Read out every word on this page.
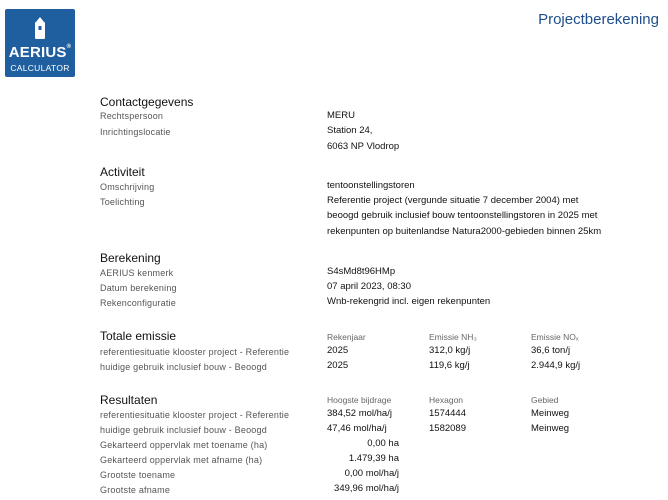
AERIUS®
CALCULATOR
Projectberekening
Contactgegevens
Rechtspersoon	MERU
Inrichtingslocatie	Station 24,
6063 NP Vlodrop
Activiteit
Omschrijving	tentoonstellingstoren
Toelichting	Referentie project (vergunde situatie 7 december 2004) met
beoogd gebruik inclusief bouw tentoonstellingstoren in 2025 met
rekenpunten op buitenlandse Natura2000-gebieden binnen 25km
Berekening
AERIUS kenmerk	S4sMd8t96HMp
Datum berekening	07 april 2023, 08:30
Rekenconfiguratie	Wnb-rekengrid incl. eigen rekenpunten
Totale emissie	Rekenjaar	Emissie NH₃	Emissie NOₓ
referentiesituatie klooster project - Referentie	2025	312,0 kg/j	36,6 ton/j
huidige gebruik inclusief bouw - Beoogd	2025	119,6 kg/j	2.944,9 kg/j
Resultaten	Hoogste bijdrage	Hexagon	Gebied
referentiesituatie klooster project - Referentie	384,52 mol/ha/j	1574444	Meinweg
huidige gebruik inclusief bouw - Beoogd	47,46 mol/ha/j	1582089	Meinweg
Gekarteerd oppervlak met toename (ha)	0,00 ha
Gekarteerd oppervlak met afname (ha)	1.479,39 ha
Grootste toename	0,00 mol/ha/j
Grootste afname	349,96 mol/ha/j
